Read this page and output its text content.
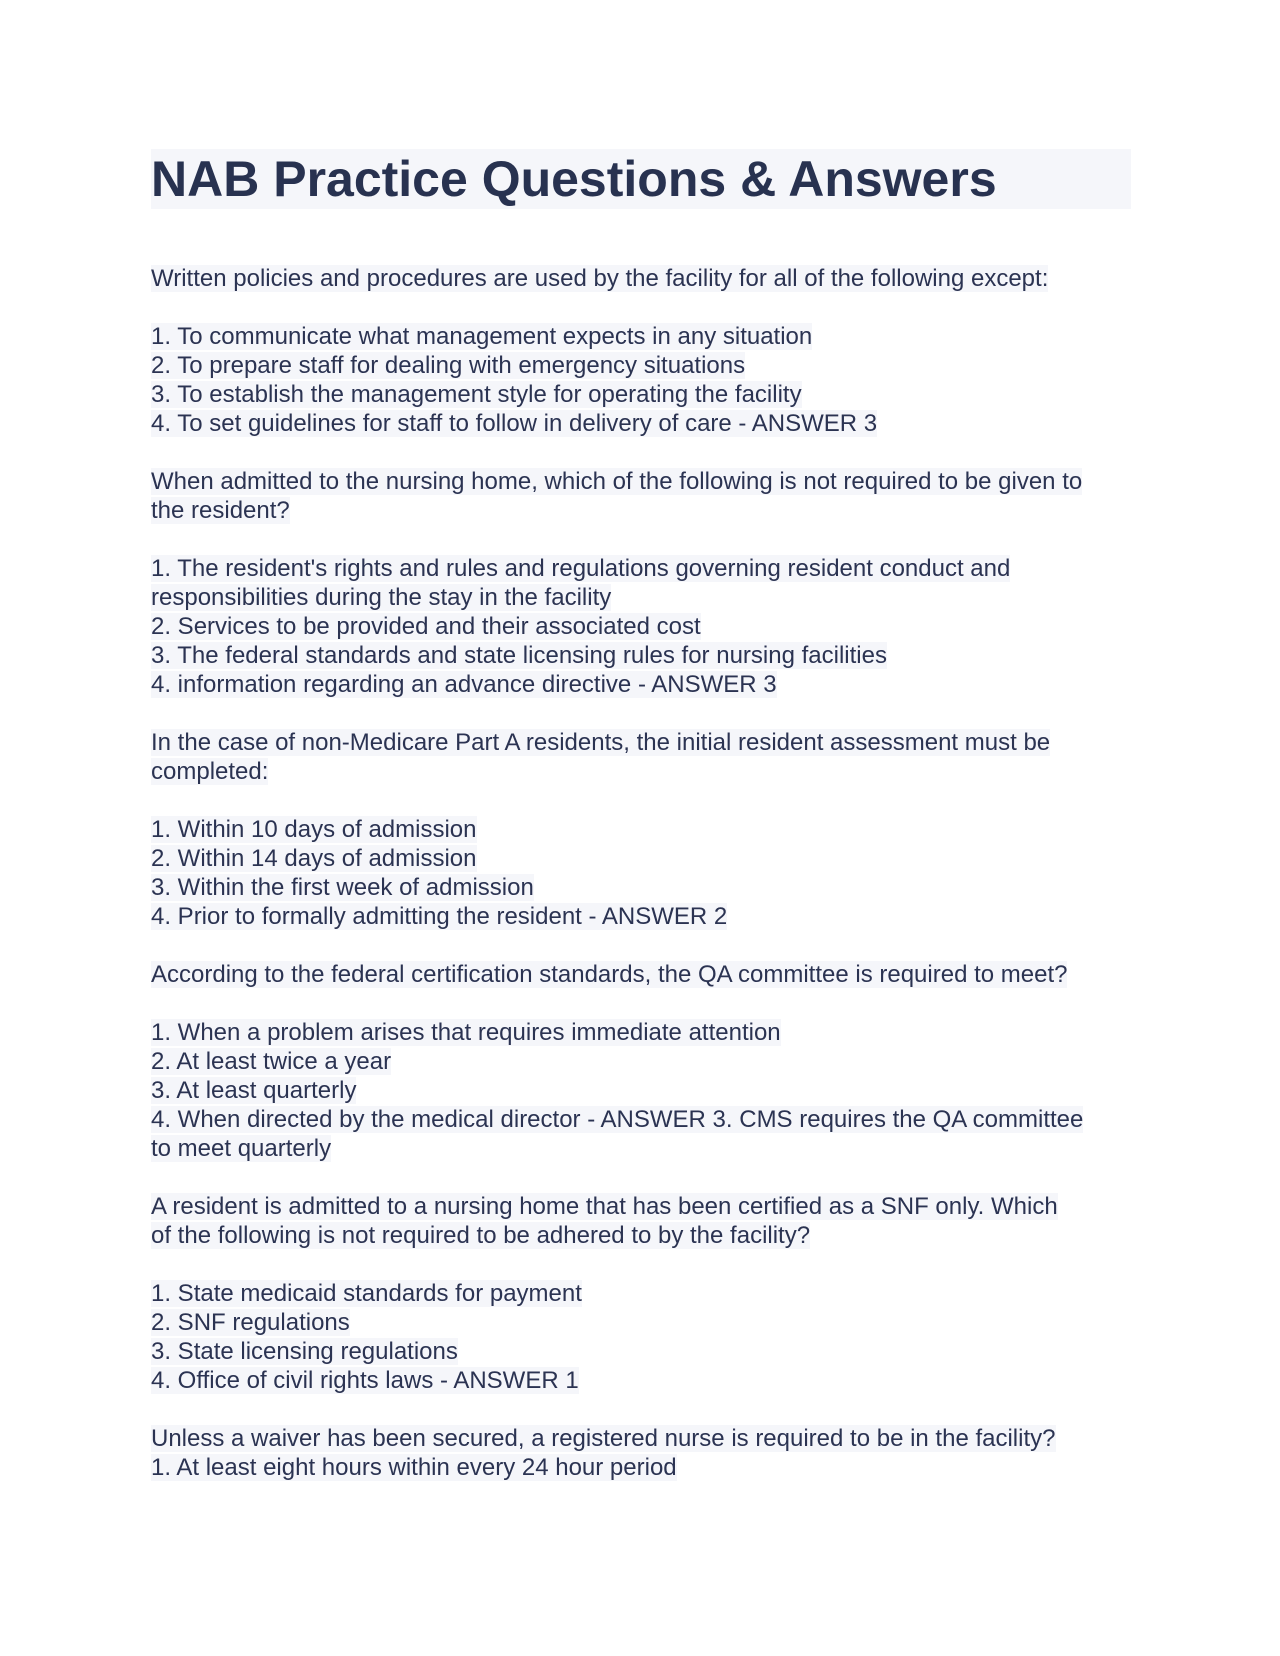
NAB Practice Questions & Answers
Written policies and procedures are used by the facility for all of the following except:
1. To communicate what management expects in any situation
2. To prepare staff for dealing with emergency situations
3. To establish the management style for operating the facility
4. To set guidelines for staff to follow in delivery of care - ANSWER 3
When admitted to the nursing home, which of the following is not required to be given to
the resident?
1. The resident's rights and rules and regulations governing resident conduct and
responsibilities during the stay in the facility
2. Services to be provided and their associated cost
3. The federal standards and state licensing rules for nursing facilities
4. information regarding an advance directive - ANSWER 3
In the case of non-Medicare Part A residents, the initial resident assessment must be
completed:
1. Within 10 days of admission
2. Within 14 days of admission
3. Within the first week of admission
4. Prior to formally admitting the resident - ANSWER 2
According to the federal certification standards, the QA committee is required to meet?
1. When a problem arises that requires immediate attention
2. At least twice a year
3. At least quarterly
4. When directed by the medical director - ANSWER 3. CMS requires the QA committee
to meet quarterly
A resident is admitted to a nursing home that has been certified as a SNF only. Which
of the following is not required to be adhered to by the facility?
1. State medicaid standards for payment
2. SNF regulations
3. State licensing regulations
4. Office of civil rights laws - ANSWER 1
Unless a waiver has been secured, a registered nurse is required to be in the facility?
1. At least eight hours within every 24 hour period
